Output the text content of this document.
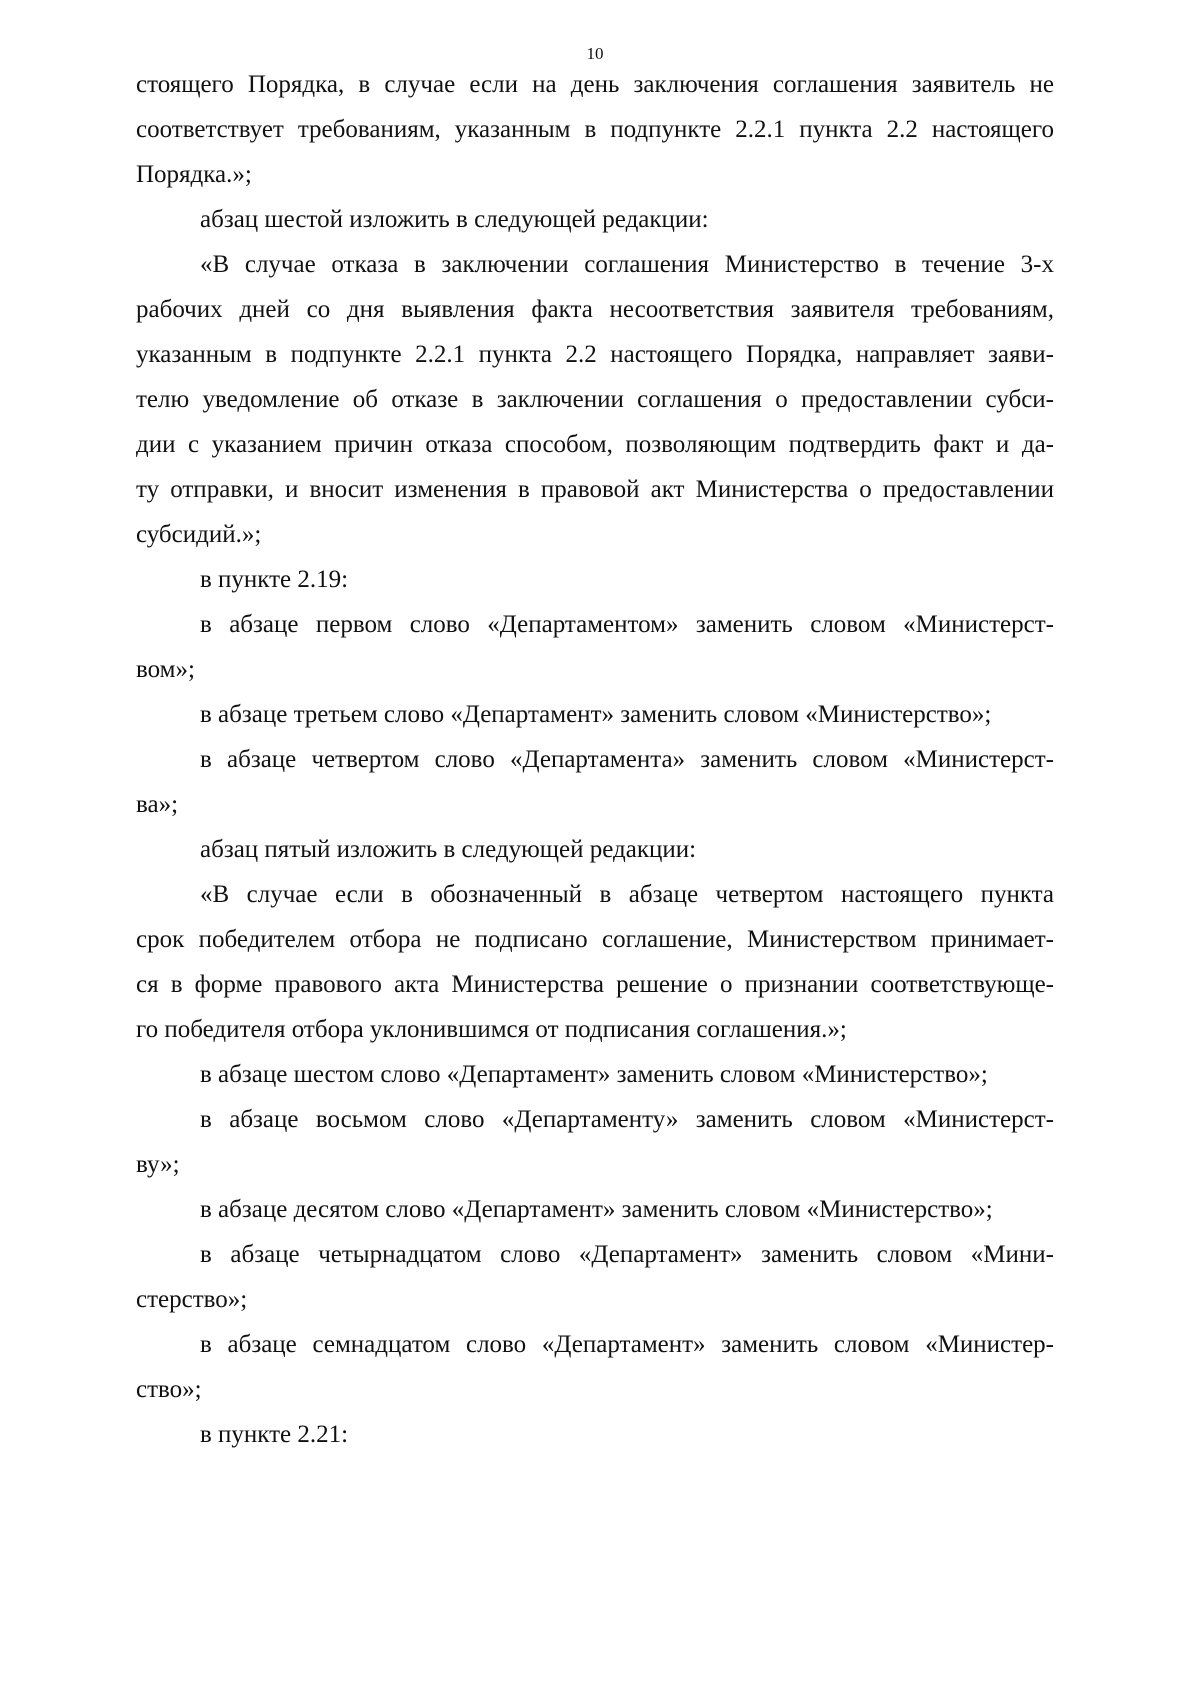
10

стоящего Порядка, в случае если на день заключения соглашения заявитель не
соответствует требованиям, указанным в подпункте 2.2.1 пункта 2.2 настоящего
Порядка.»;

абзац шестой изложить в следующей редакции:

«В случае отказа в заключении соглашения Министерство в течение 3-х
рабочих дней со дня выявления факта несоответствия заявителя требованиям,
указанным в подпункте 2.2.1 пункта 2.2 настоящего Порядка, направляет заяви-
телю уведомление об отказе в заключении соглашения о предоставлении субси-
дии с указанием причин отказа способом, позволяющим подтвердить факт и да-
ту отправки, и вносит изменения в правовой акт Министерства о предоставлении
субсидий.»;

в пункте 2.19:

в абзаце первом слово «Департаментом» заменить словом «Министерст-
вом»;

в абзаце третьем слово «Департамент» заменить словом «Министерство»;

в абзаце четвертом слово «Департамента» заменить словом «Министерст-
ва»;

абзац пятый изложить в следующей редакции:

«В случае если в обозначенный в абзаце четвертом настоящего пункта
срок победителем отбора не подписано соглашение, Министерством принимает-
ся в форме правового акта Министерства решение о признании соответствующе-
го победителя отбора уклонившимся от подписания соглашения.»;

в абзаце шестом слово «Департамент» заменить словом «Министерство»;

в абзаце восьмом слово «Департаменту» заменить словом «Министерст-
ву»;

в абзаце десятом слово «Департамент» заменить словом «Министерство»;

в абзаце четырнадцатом слово «Департамент» заменить словом «Мини-
стерство»;

в абзаце семнадцатом слово «Департамент» заменить словом «Министер-
ство»;

в пункте 2.21:
